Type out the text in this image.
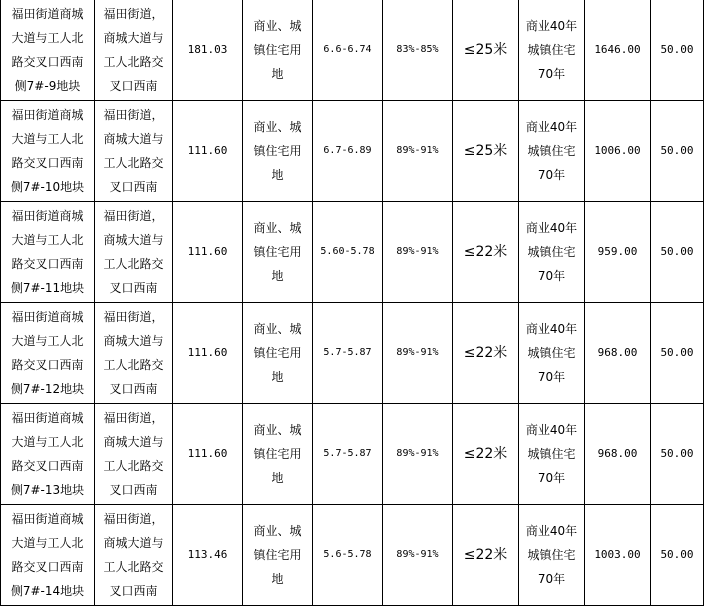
福田街道商城
大道与工人北
路交叉口西南
侧7#-9地块	福田街道，
商城大道与
工人北路交
叉口西南	181.03	商业、城
镇住宅用
地	6.6-6.74	83%-85%	≤25米	商业40年
城镇住宅
70年	1646.00	50.00

福田街道商城
大道与工人北
路交叉口西南
侧7#-10地块	福田街道，
商城大道与
工人北路交
叉口西南	111.60	商业、城
镇住宅用
地	6.7-6.89	89%-91%	≤25米	商业40年
城镇住宅
70年	1006.00	50.00

福田街道商城
大道与工人北
路交叉口西南
侧7#-11地块	福田街道，
商城大道与
工人北路交
叉口西南	111.60	商业、城
镇住宅用
地	5.60-5.78	89%-91%	≤22米	商业40年
城镇住宅
70年	959.00	50.00

福田街道商城
大道与工人北
路交叉口西南
侧7#-12地块	福田街道，
商城大道与
工人北路交
叉口西南	111.60	商业、城
镇住宅用
地	5.7-5.87	89%-91%	≤22米	商业40年
城镇住宅
70年	968.00	50.00

福田街道商城
大道与工人北
路交叉口西南
侧7#-13地块	福田街道，
商城大道与
工人北路交
叉口西南	111.60	商业、城
镇住宅用
地	5.7-5.87	89%-91%	≤22米	商业40年
城镇住宅
70年	968.00	50.00

福田街道商城
大道与工人北
路交叉口西南
侧7#-14地块	福田街道，
商城大道与
工人北路交
叉口西南	113.46	商业、城
镇住宅用
地	5.6-5.78	89%-91%	≤22米	商业40年
城镇住宅
70年	1003.00	50.00
